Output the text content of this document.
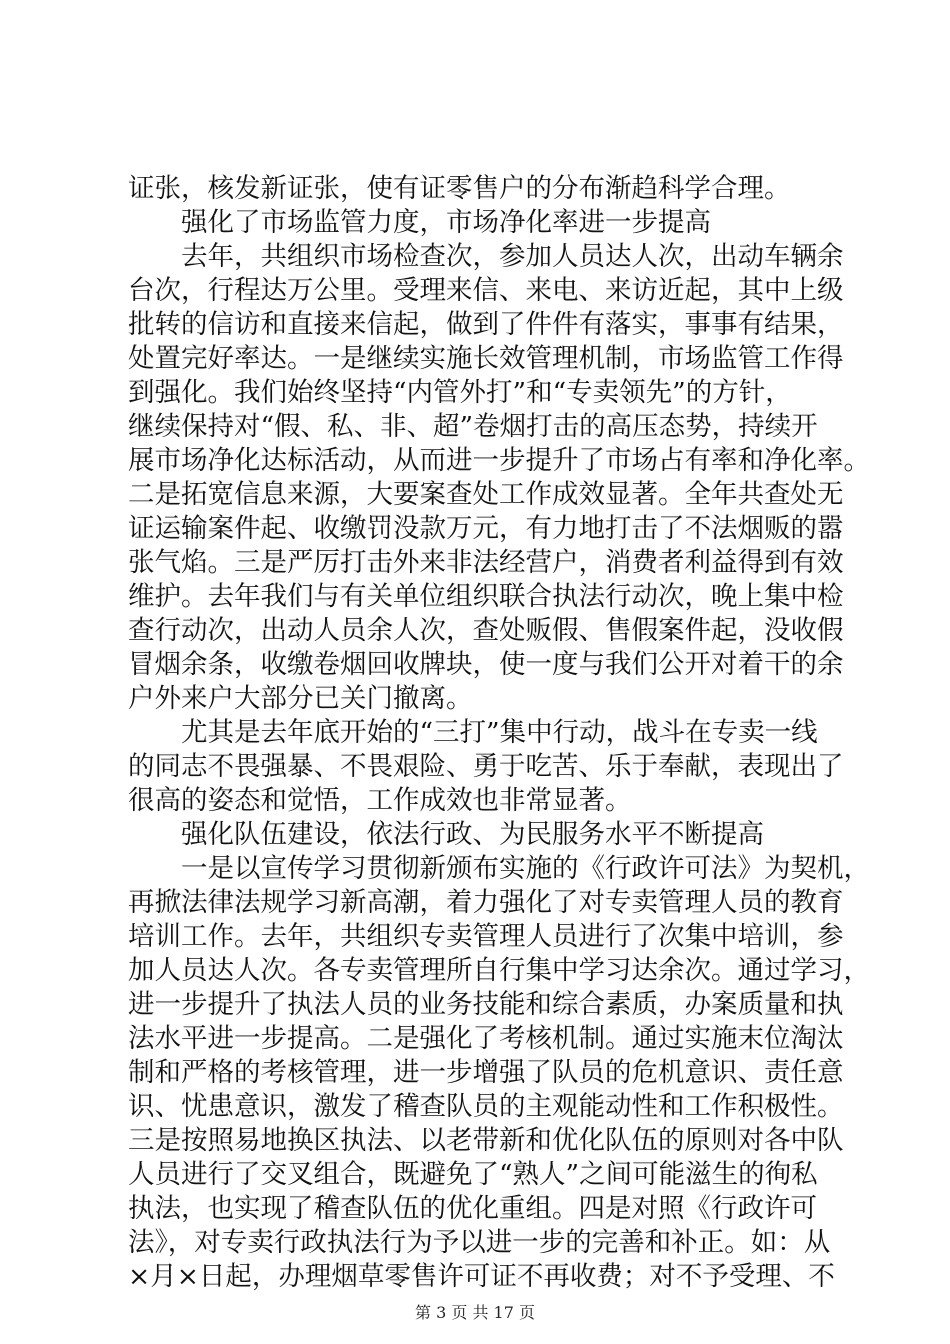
证张，核发新证张，使有证零售户的分布渐趋科学合理。
　　强化了市场监管力度，市场净化率进一步提高
　　去年，共组织市场检查次，参加人员达人次，出动车辆余
台次，行程达万公里。受理来信、来电、来访近起，其中上级
批转的信访和直接来信起，做到了件件有落实，事事有结果，
处置完好率达。一是继续实施长效管理机制，市场监管工作得
到强化。我们始终坚持“内管外打”和“专卖领先”的方针，
继续保持对“假、私、非、超”卷烟打击的高压态势，持续开
展市场净化达标活动，从而进一步提升了市场占有率和净化率。
二是拓宽信息来源，大要案查处工作成效显著。全年共查处无
证运输案件起、收缴罚没款万元，有力地打击了不法烟贩的嚣
张气焰。三是严厉打击外来非法经营户，消费者利益得到有效
维护。去年我们与有关单位组织联合执法行动次，晚上集中检
查行动次，出动人员余人次，查处贩假、售假案件起，没收假
冒烟余条，收缴卷烟回收牌块，使一度与我们公开对着干的余
户外来户大部分已关门撤离。
　　尤其是去年底开始的“三打”集中行动，战斗在专卖一线
的同志不畏强暴、不畏艰险、勇于吃苦、乐于奉献，表现出了
很高的姿态和觉悟，工作成效也非常显著。
　　强化队伍建设，依法行政、为民服务水平不断提高
　　一是以宣传学习贯彻新颁布实施的《行政许可法》为契机，
再掀法律法规学习新高潮，着力强化了对专卖管理人员的教育
培训工作。去年，共组织专卖管理人员进行了次集中培训，参
加人员达人次。各专卖管理所自行集中学习达余次。通过学习，
进一步提升了执法人员的业务技能和综合素质，办案质量和执
法水平进一步提高。二是强化了考核机制。通过实施末位淘汰
制和严格的考核管理，进一步增强了队员的危机意识、责任意
识、忧患意识，激发了稽查队员的主观能动性和工作积极性。
三是按照易地换区执法、以老带新和优化队伍的原则对各中队
人员进行了交叉组合，既避免了“熟人”之间可能滋生的徇私
执法，也实现了稽查队伍的优化重组。四是对照《行政许可
法》，对专卖行政执法行为予以进一步的完善和补正。如：从
×月×日起，办理烟草零售许可证不再收费；对不予受理、不
第 3 页 共 17 页
